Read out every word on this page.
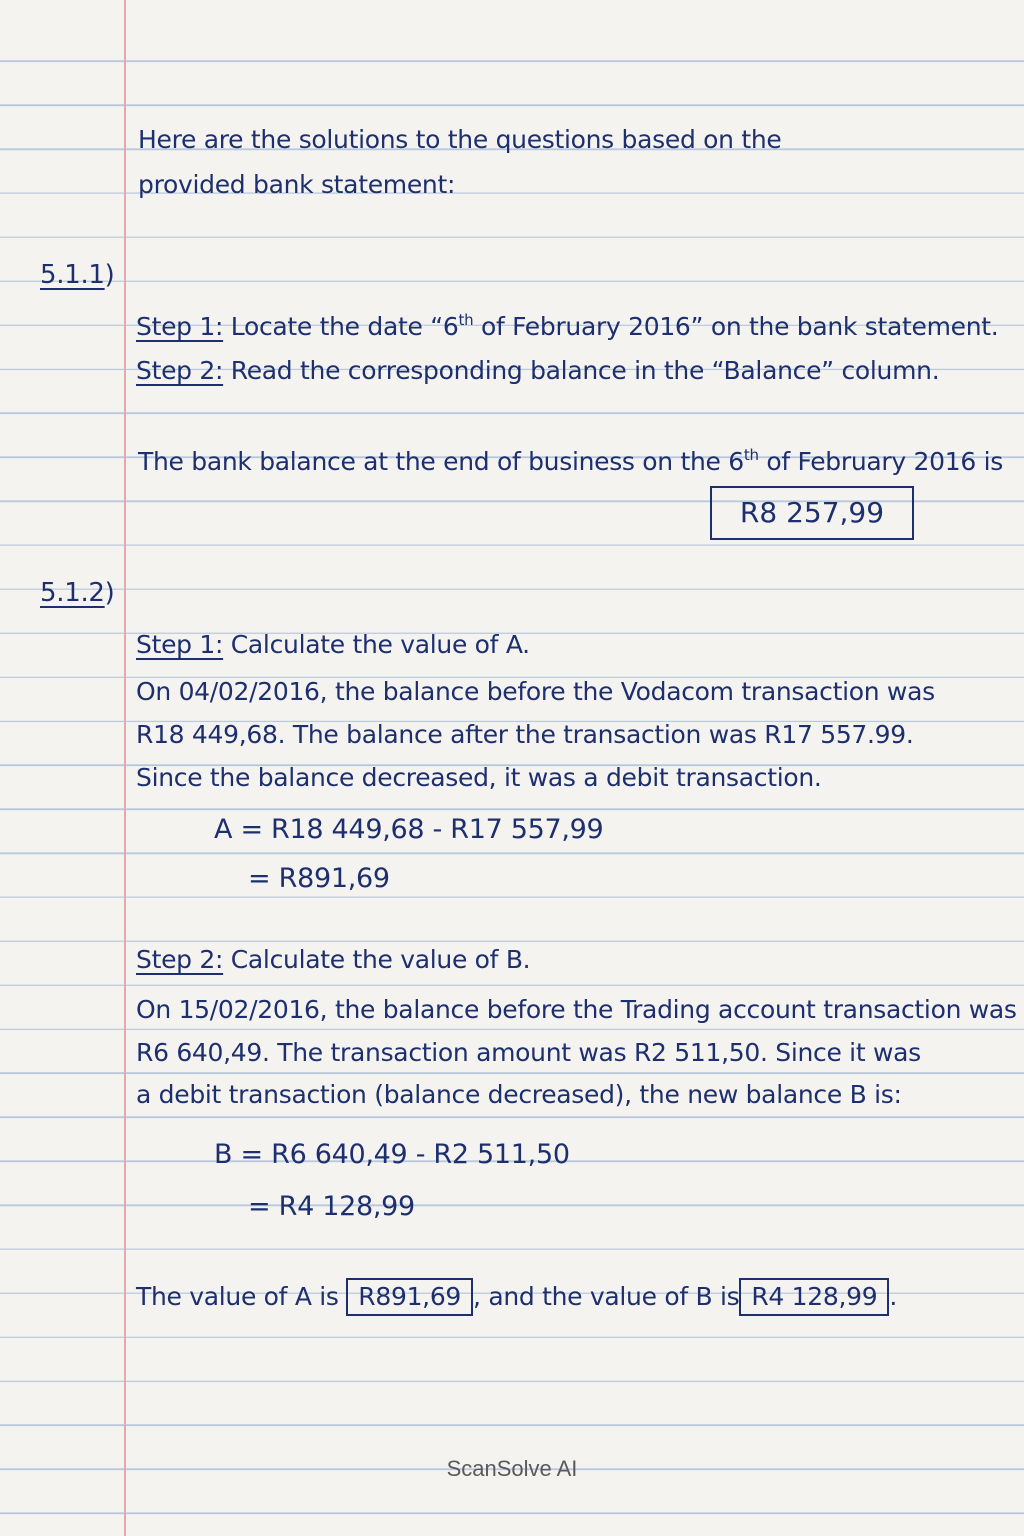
Here are the solutions to the questions based on the
provided bank statement:
5.1.1)
Step 1: Locate the date “6th of February 2016” on the bank statement.
Step 2: Read the corresponding balance in the “Balance” column.
The bank balance at the end of business on the 6th of February 2016 is
R8 257,99
5.1.2)
Step 1: Calculate the value of A.
On 04/02/2016, the balance before the Vodacom transaction was
R18 449,68. The balance after the transaction was R17 557.99.
Since the balance decreased, it was a debit transaction.
A = R18 449,68 - R17 557,99
= R891,69
Step 2: Calculate the value of B.
On 15/02/2016, the balance before the Trading account transaction was
R6 640,49. The transaction amount was R2 511,50. Since it was
a debit transaction (balance decreased), the new balance B is:
B = R6 640,49 - R2 511,50
= R4 128,99
The value of A is R891,69 , and the value of B is R4 128,99 .
ScanSolve AI
